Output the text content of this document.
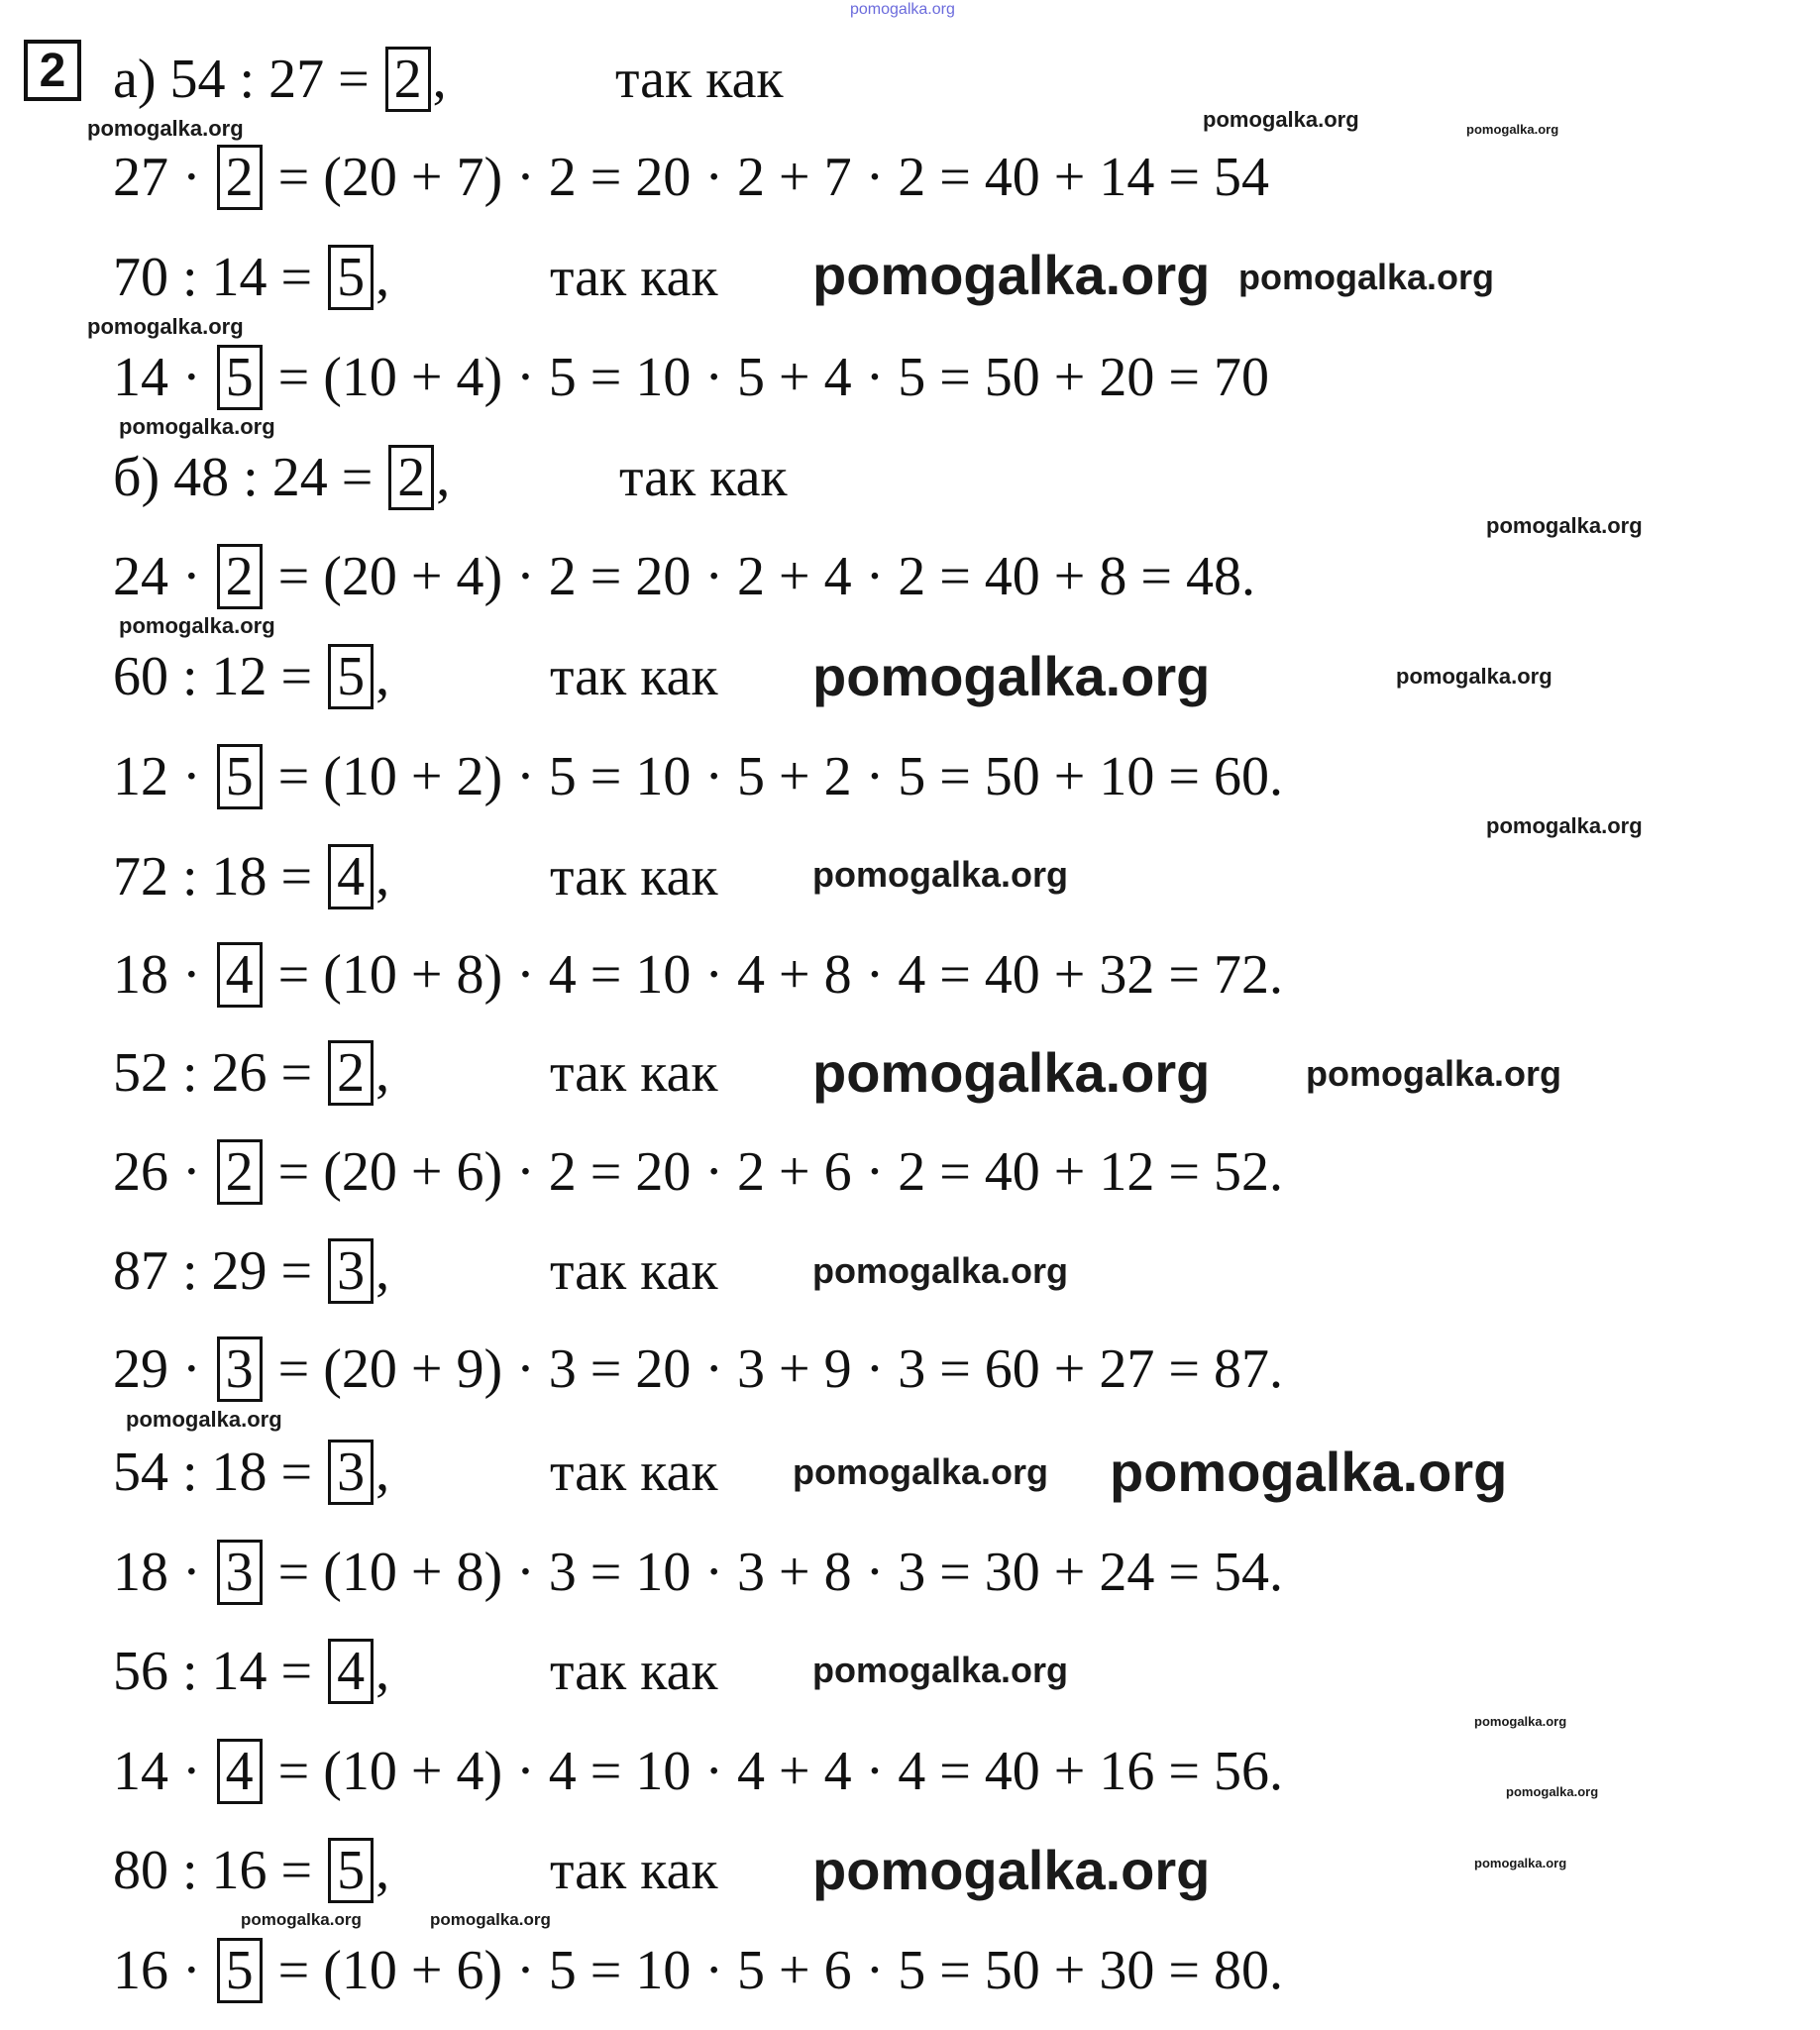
pomogalka.org
2 а) 54 : 27 = 2 ,	так как
27 · 2 = (20 + 7) · 2 = 20 · 2 + 7 · 2 = 40 + 14 = 54
70 : 14 = 5 ,	так как
14 · 5 = (10 + 4) · 5 = 10 · 5 + 4 · 5 = 50 + 20 = 70
б) 48 : 24 = 2 ,	так как
24 · 2 = (20 + 4) · 2 = 20 · 2 + 4 · 2 = 40 + 8 = 48.
60 : 12 = 5 ,	так как
12 · 5 = (10 + 2) · 5 = 10 · 5 + 2 · 5 = 50 + 10 = 60.
72 : 18 = 4 ,	так как
18 · 4 = (10 + 8) · 4 = 10 · 4 + 8 · 4 = 40 + 32 = 72.
52 : 26 = 2 ,	так как
26 · 2 = (20 + 6) · 2 = 20 · 2 + 6 · 2 = 40 + 12 = 52.
87 : 29 = 3 ,	так как
29 · 3 = (20 + 9) · 3 = 20 · 3 + 9 · 3 = 60 + 27 = 87.
54 : 18 = 3 ,	так как
18 · 3 = (10 + 8) · 3 = 10 · 3 + 8 · 3 = 30 + 24 = 54.
56 : 14 = 4 ,	так как
14 · 4 = (10 + 4) · 4 = 10 · 4 + 4 · 4 = 40 + 16 = 56.
80 : 16 = 5 ,	так как
16 · 5 = (10 + 6) · 5 = 10 · 5 + 6 · 5 = 50 + 30 = 80.
pomogalka.org	pomogalka.org	pomogalka.org
pomogalka.org
pomogalka.org pomogalka.org
pomogalka.org
pomogalka.org
pomogalka.org
pomogalka.org
pomogalka.org
pomogalka.org
pomogalka.org
pomogalka.org	pomogalka.org
pomogalka.org
pomogalka.org
pomogalka.org pomogalka.org
pomogalka.org
pomogalka.org
pomogalka.org
pomogalka.org
pomogalka.org
pomogalka.org	pomogalka.org
